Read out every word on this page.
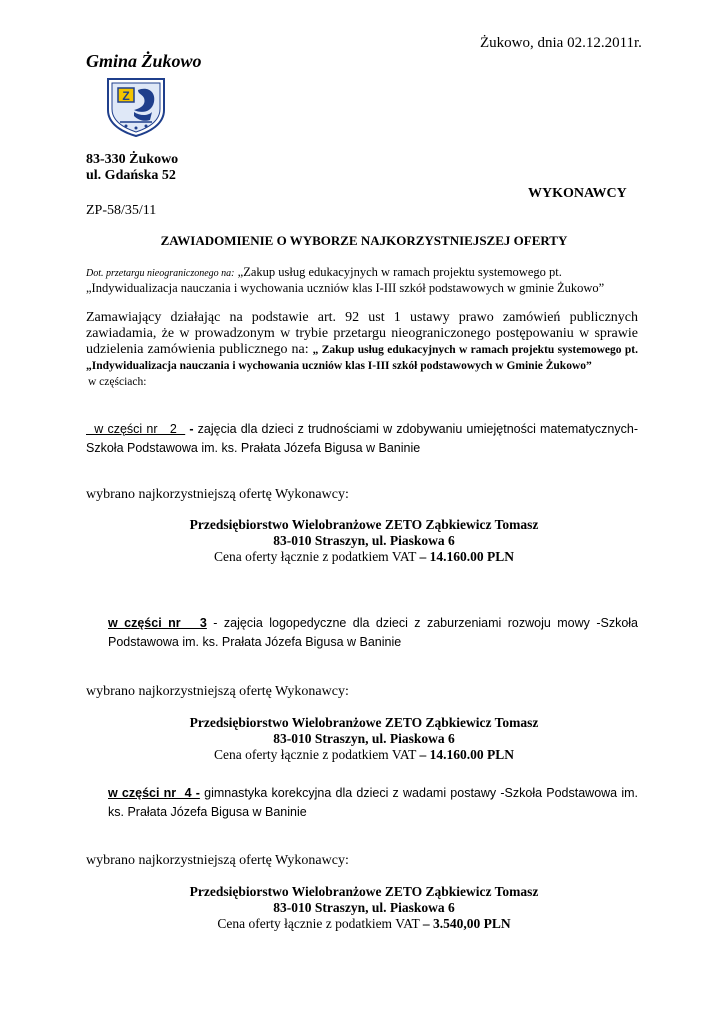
Żukowo, dnia 02.12.2011r.
Gmina Żukowo
Z
83-330 Żukowo
ul. Gdańska 52
WYKONAWCY
ZP-58/35/11
ZAWIADOMIENIE O WYBORZE NAJKORZYSTNIEJSZEJ OFERTY
Dot. przetargu nieograniczonego na: „Zakup usług edukacyjnych w ramach projektu systemowego pt.
„Indywidualizacja nauczania i wychowania uczniów klas I-III szkół podstawowych w gminie Żukowo”
Zamawiający działając na podstawie art. 92 ust 1 ustawy prawo zamówień publicznych zawiadamia, że w prowadzonym w trybie przetargu nieograniczonego postępowaniu w sprawie udzielenia zamówienia publicznego na: „ Zakup usług edukacyjnych w ramach projektu systemowego pt. „Indywidualizacja nauczania i wychowania uczniów klas I-III szkół podstawowych w Gminie Żukowo”
w częściach:
w części nr   2   - zajęcia dla dzieci z trudnościami w zdobywaniu umiejętności matematycznych- Szkoła Podstawowa im. ks. Prałata Józefa Bigusa w Baninie
wybrano najkorzystniejszą ofertę Wykonawcy:
Przedsiębiorstwo Wielobranżowe ZETO Ząbkiewicz Tomasz
83-010 Straszyn, ul. Piaskowa 6
Cena oferty łącznie z podatkiem VAT – 14.160.00 PLN
w części nr   3 - zajęcia logopedyczne dla dzieci z zaburzeniami rozwoju mowy -Szkoła Podstawowa im. ks. Prałata Józefa Bigusa w Baninie
wybrano najkorzystniejszą ofertę Wykonawcy:
Przedsiębiorstwo Wielobranżowe ZETO Ząbkiewicz Tomasz
83-010 Straszyn, ul. Piaskowa 6
Cena oferty łącznie z podatkiem VAT – 14.160.00 PLN
w części nr  4 - gimnastyka korekcyjna dla dzieci z wadami postawy -Szkoła Podstawowa im. ks. Prałata Józefa Bigusa w Baninie
wybrano najkorzystniejszą ofertę Wykonawcy:
Przedsiębiorstwo Wielobranżowe ZETO Ząbkiewicz Tomasz
83-010 Straszyn, ul. Piaskowa 6
Cena oferty łącznie z podatkiem VAT – 3.540,00 PLN
